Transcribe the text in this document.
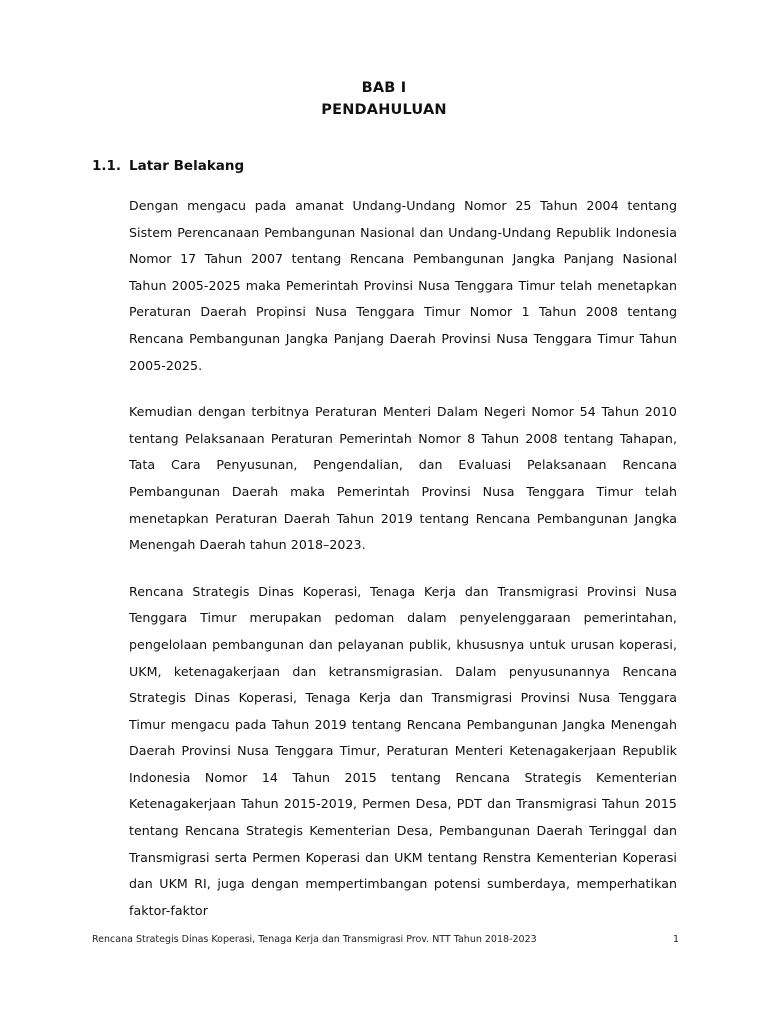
BAB I
PENDAHULUAN
1.1. Latar Belakang

Dengan mengacu pada amanat Undang-Undang Nomor 25 Tahun 2004 tentang Sistem Perencanaan Pembangunan Nasional dan Undang-Undang Republik Indonesia Nomor 17 Tahun 2007 tentang Rencana Pembangunan Jangka Panjang Nasional Tahun 2005-2025 maka Pemerintah Provinsi Nusa Tenggara Timur telah menetapkan Peraturan Daerah Propinsi Nusa Tenggara Timur Nomor 1 Tahun 2008 tentang Rencana Pembangunan Jangka Panjang Daerah Provinsi Nusa Tenggara Timur Tahun 2005-2025.

Kemudian dengan terbitnya Peraturan Menteri Dalam Negeri Nomor 54 Tahun 2010 tentang Pelaksanaan Peraturan Pemerintah Nomor 8 Tahun 2008 tentang Tahapan, Tata Cara Penyusunan, Pengendalian, dan Evaluasi Pelaksanaan Rencana Pembangunan Daerah maka Pemerintah Provinsi Nusa Tenggara Timur telah menetapkan Peraturan Daerah Tahun 2019 tentang Rencana Pembangunan Jangka Menengah Daerah tahun 2018–2023.

Rencana Strategis Dinas Koperasi, Tenaga Kerja dan Transmigrasi Provinsi Nusa Tenggara Timur merupakan pedoman dalam penyelenggaraan pemerintahan, pengelolaan pembangunan dan pelayanan publik, khususnya untuk urusan koperasi, UKM, ketenagakerjaan dan ketransmigrasian. Dalam penyusunannya Rencana Strategis Dinas Koperasi, Tenaga Kerja dan Transmigrasi Provinsi Nusa Tenggara Timur mengacu pada Tahun 2019 tentang Rencana Pembangunan Jangka Menengah Daerah Provinsi Nusa Tenggara Timur, Peraturan Menteri Ketenagakerjaan Republik Indonesia Nomor 14 Tahun 2015 tentang Rencana Strategis Kementerian Ketenagakerjaan Tahun 2015-2019, Permen Desa, PDT dan Transmigrasi Tahun 2015 tentang Rencana Strategis Kementerian Desa, Pembangunan Daerah Teringgal dan Transmigrasi serta Permen Koperasi dan UKM tentang Renstra Kementerian Koperasi dan UKM RI, juga dengan mempertimbangan potensi sumberdaya, memperhatikan faktor-faktor

Rencana Strategis Dinas Koperasi, Tenaga Kerja dan Transmigrasi Prov. NTT Tahun 2018-2023	1
